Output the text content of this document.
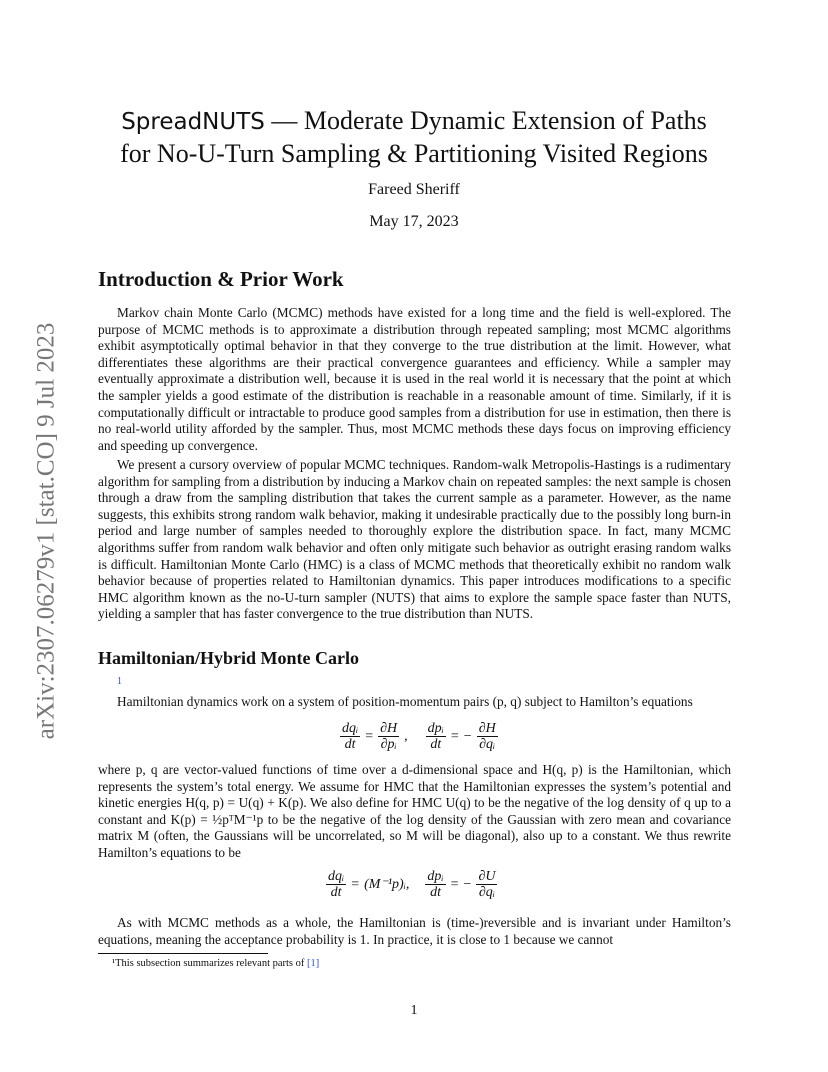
arXiv:2307.06279v1 [stat.CO] 9 Jul 2023
SpreadNUTS — Moderate Dynamic Extension of Paths
for No-U-Turn Sampling & Partitioning Visited Regions
Fareed Sheriff
May 17, 2023
Introduction & Prior Work

Markov chain Monte Carlo (MCMC) methods have existed for a long time and the field is well-explored. The purpose of MCMC methods is to approximate a distribution through repeated sampling; most MCMC algorithms exhibit asymptotically optimal behavior in that they converge to the true distribution at the limit. However, what differentiates these algorithms are their practical convergence guarantees and efficiency. While a sampler may eventually approximate a distribution well, because it is used in the real world it is necessary that the point at which the sampler yields a good estimate of the distribution is reachable in a reasonable amount of time. Similarly, if it is computationally difficult or intractable to produce good samples from a distribution for use in estimation, then there is no real-world utility afforded by the sampler. Thus, most MCMC methods these days focus on improving efficiency and speeding up convergence.

We present a cursory overview of popular MCMC techniques. Random-walk Metropolis-Hastings is a rudimentary algorithm for sampling from a distribution by inducing a Markov chain on repeated samples: the next sample is chosen through a draw from the sampling distribution that takes the current sample as a parameter. However, as the name suggests, this exhibits strong random walk behavior, making it undesirable practically due to the possibly long burn-in period and large number of samples needed to thoroughly explore the distribution space. In fact, many MCMC algorithms suffer from random walk behavior and often only mitigate such behavior as outright erasing random walks is difficult. Hamiltonian Monte Carlo (HMC) is a class of MCMC methods that theoretically exhibit no random walk behavior because of properties related to Hamiltonian dynamics. This paper introduces modifications to a specific HMC algorithm known as the no-U-turn sampler (NUTS) that aims to explore the sample space faster than NUTS, yielding a sampler that has faster convergence to the true distribution than NUTS.

Hamiltonian/Hybrid Monte Carlo
1

Hamiltonian dynamics work on a system of position-momentum pairs (p, q) subject to Hamilton’s equations

$\frac{\text{dqᵢ}}{dt} = \frac{\partial H}{\text{∂pᵢ}}$ , $\frac{\text{dpᵢ}}{dt}$ = − $\frac{\partial H}{\text{∂qᵢ}}$

where p, q are vector-valued functions of time over a d-dimensional space and H(q, p) is the Hamiltonian, which represents the system’s total energy. We assume for HMC that the Hamiltonian expresses the system’s potential and kinetic energies H(q, p) = U(q) + K(p). We also define for HMC U(q) to be the negative of the log density of q up to a constant and K(p) = ½pᵀM⁻¹p to be the negative of the log density of the Gaussian with zero mean and covariance matrix M (often, the Gaussians will be uncorrelated, so M will be diagonal), also up to a constant. We thus rewrite Hamilton’s equations to be

$\frac{\text{dqᵢ}}{dt}$ = (M⁻¹p)ᵢ, $\frac{\text{dpᵢ}}{dt}$ = − $\frac{\partial U}{\text{∂qᵢ}}$

As with MCMC methods as a whole, the Hamiltonian is (time-)reversible and is invariant under Hamilton’s equations, meaning the acceptance probability is 1. In practice, it is close to 1 because we cannot

¹This subsection summarizes relevant parts of [1]
1
